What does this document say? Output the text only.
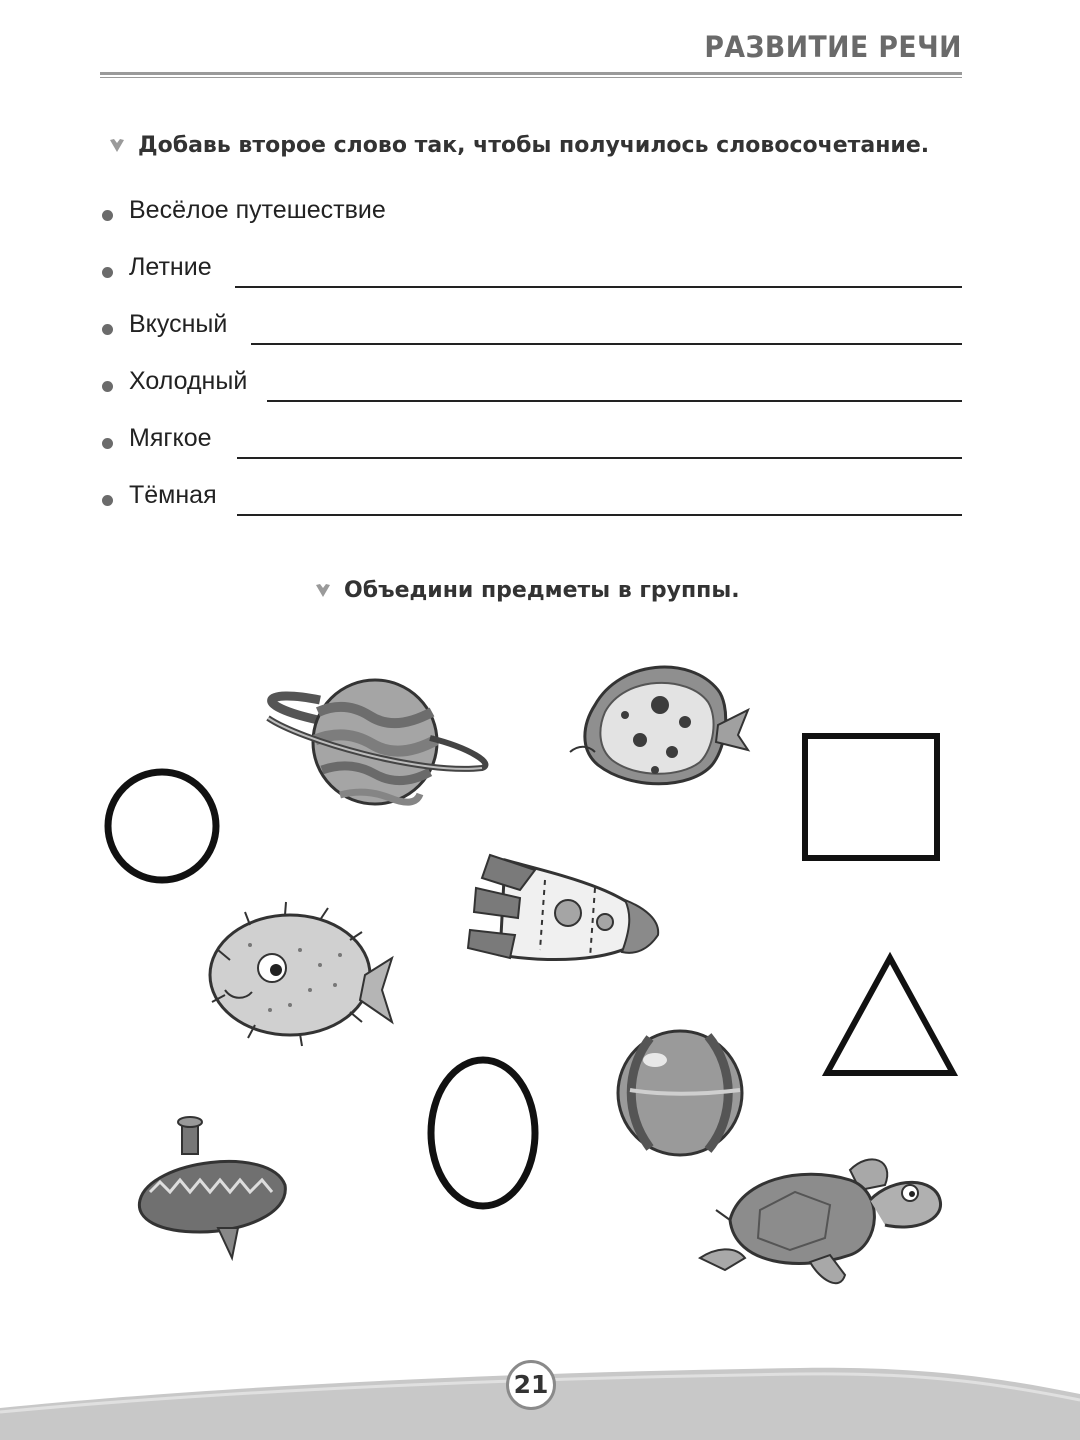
РАЗВИТИЕ РЕЧИ
Добавь второе слово так, чтобы получилось словосочетание.
Весёлое путешествие
Летние
Вкусный
Холодный
Мягкое
Тёмная
Объедини предметы в группы.
21
